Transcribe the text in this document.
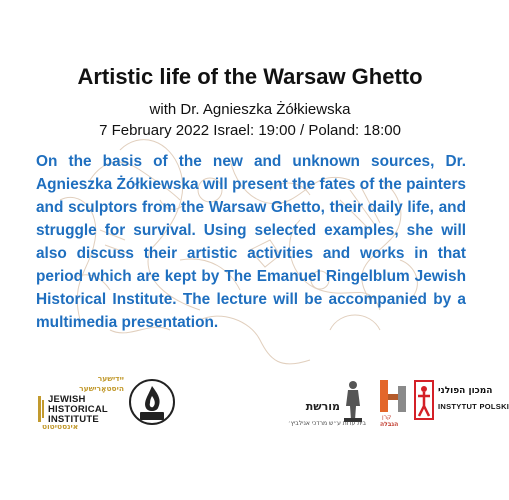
Artistic life of the Warsaw Ghetto
with Dr. Agnieszka Żółkiewska
7 February 2022 Israel: 19:00 / Poland: 18:00
On the basis of the new and unknown sources, Dr. Agnieszka Żółkiewska will present the fates of the painters and sculptors from the Warsaw Ghetto, their daily life, and struggle for survival. Using selected examples, she will also discuss their artistic activities and works in that period which are kept by The Emanuel Ringelblum Jewish Historical Institute. The lecture will be accompanied by a multimedia presentation.
יידישער
היסטאָרישער
JEWISH
HISTORICAL
INSTITUTE
אינסטיטוט
מורשת
בית עדות ע״ש מרדכי אנילביץ׳
קרן
הגבלה
המכון הפולני
INSTYTUT POLSKI
